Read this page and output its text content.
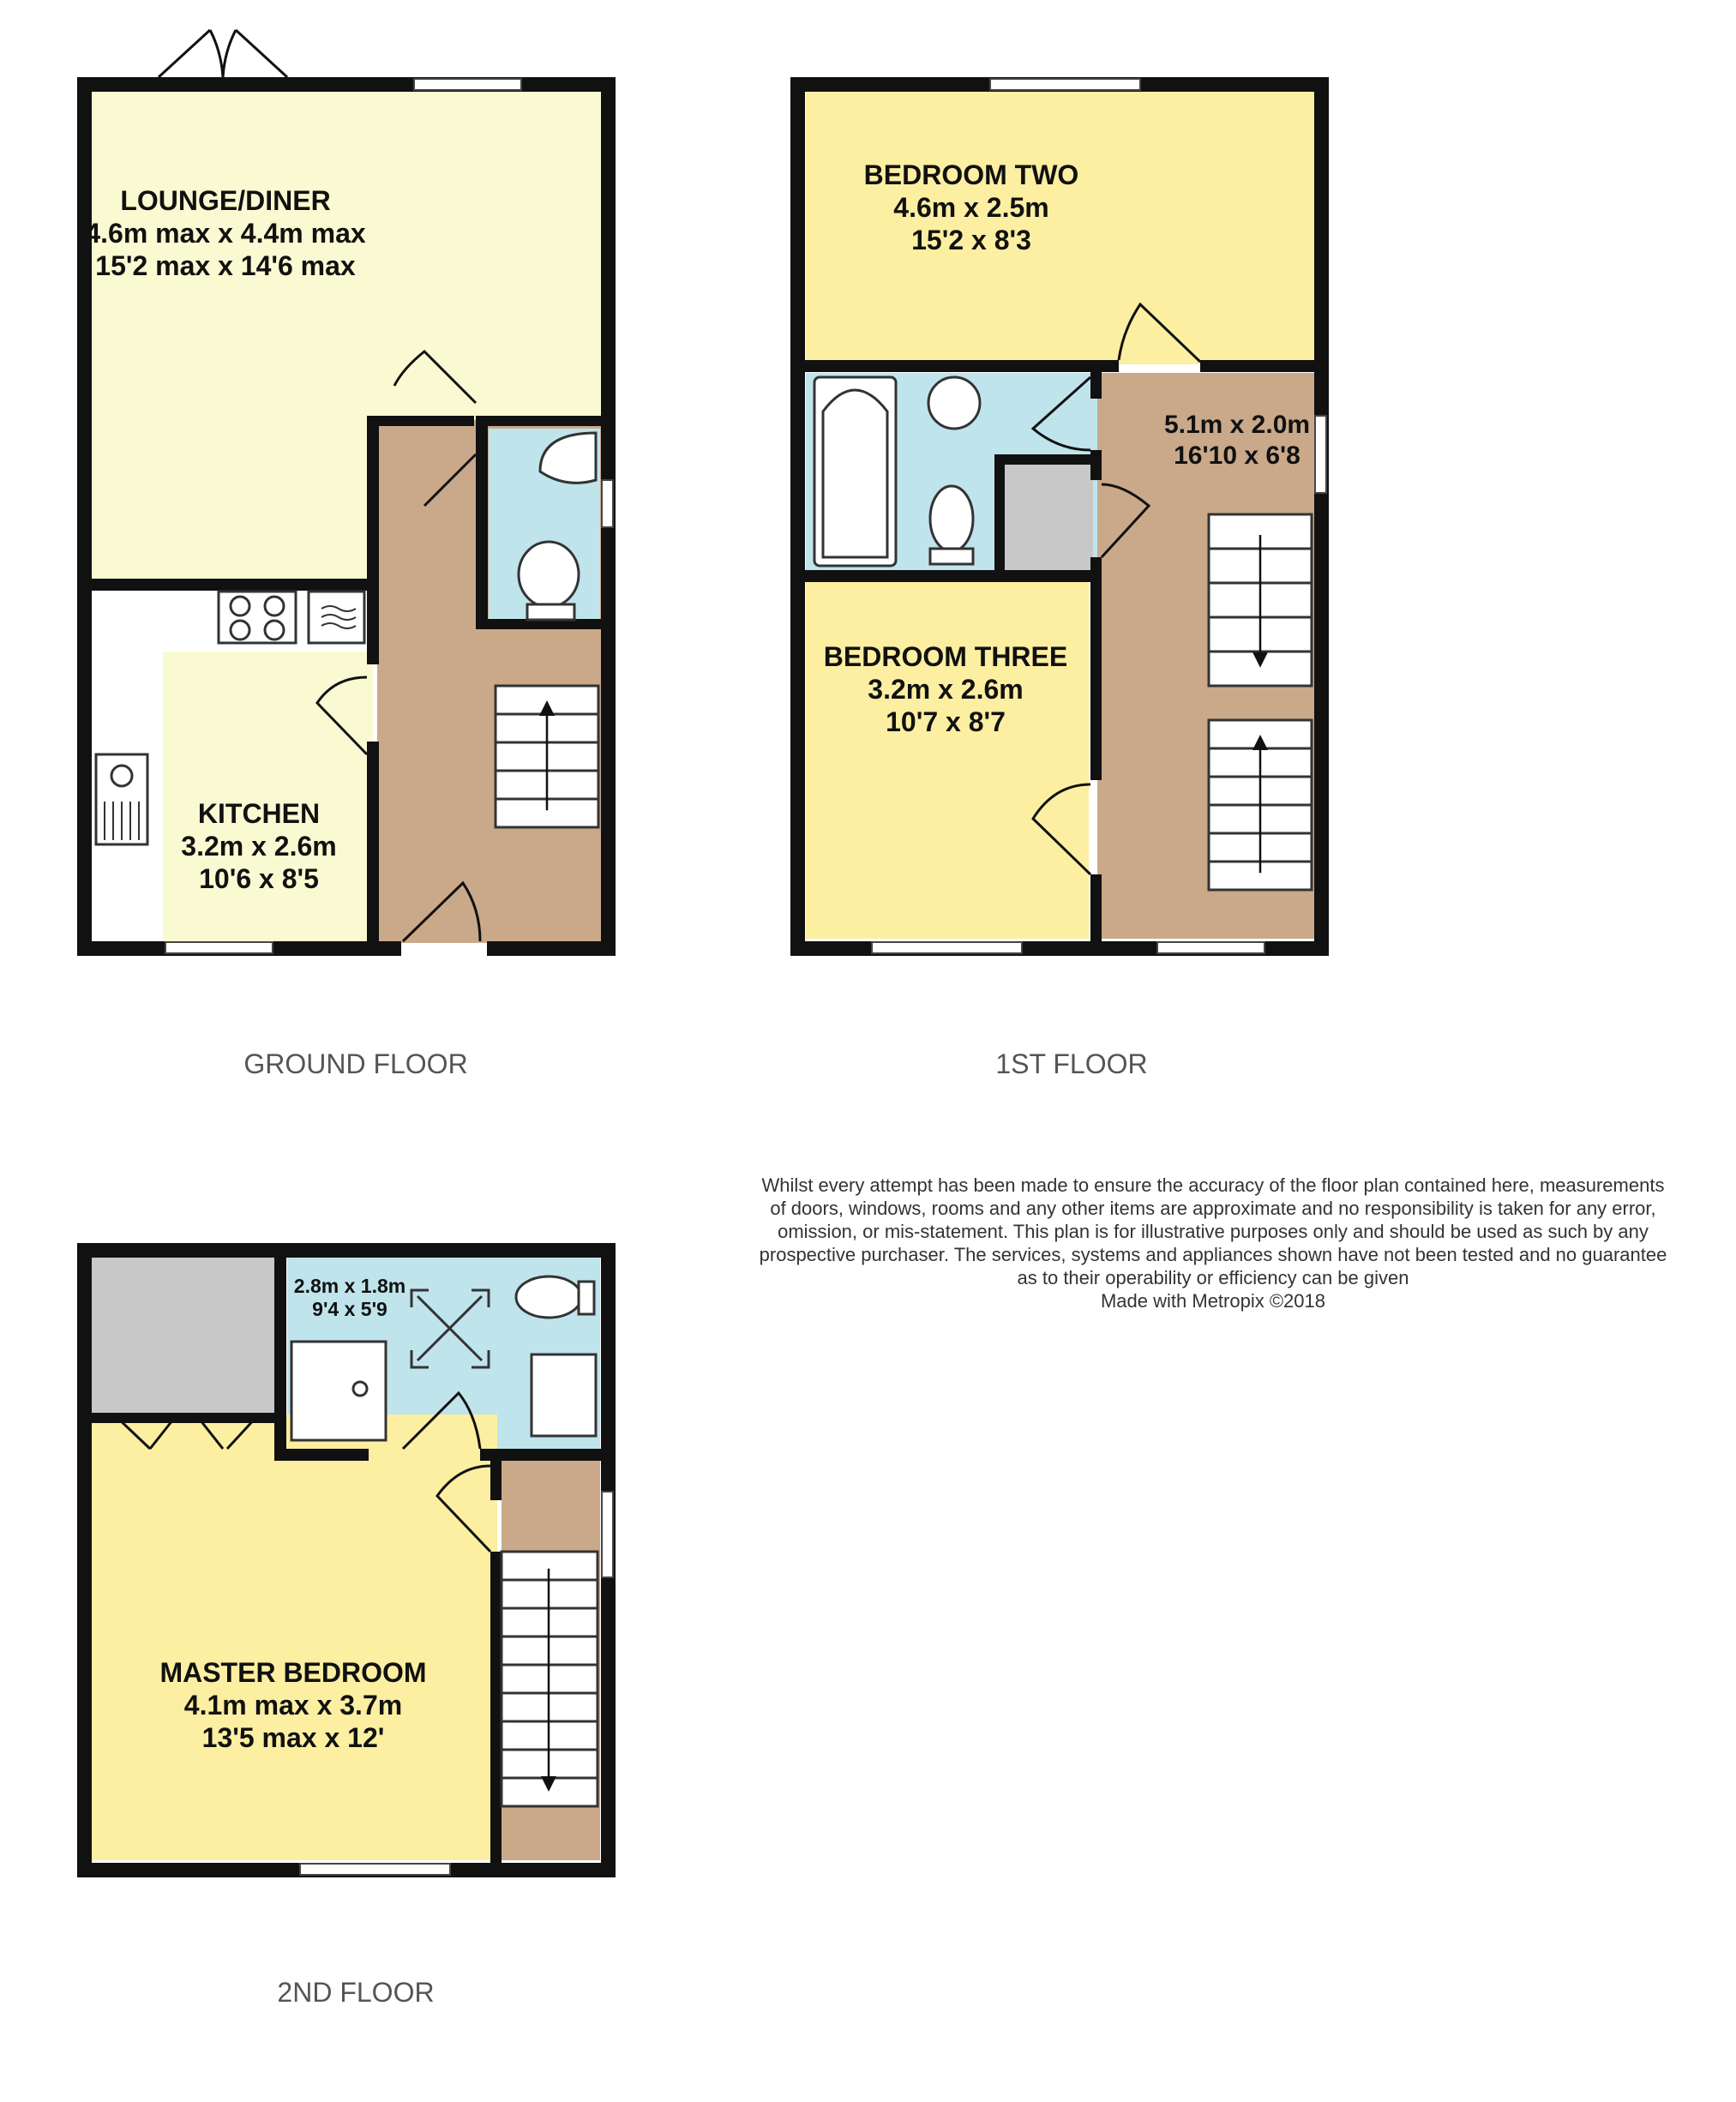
LOUNGE/DINER
4.6m max x 4.4m max
15'2 max x 14'6 max
KITCHEN
3.2m x 2.6m
10'6 x 8'5
GROUND FLOOR
BEDROOM TWO
4.6m x 2.5m
15'2 x 8'3
BEDROOM THREE
3.2m x 2.6m
10'7 x 8'7
5.1m x 2.0m
16'10 x 6'8
1ST FLOOR
MASTER BEDROOM
4.1m max x 3.7m
13'5 max x 12'
2.8m x 1.8m
9'4 x 5'9
2ND FLOOR
Whilst every attempt has been made to ensure the accuracy of the floor plan contained here, measurements
of doors, windows, rooms and any other items are approximate and no responsibility is taken for any error,
omission, or mis-statement. This plan is for illustrative purposes only and should be used as such by any
prospective purchaser. The services, systems and appliances shown have not been tested and no guarantee
as to their operability or efficiency can be given
Made with Metropix ©2018
